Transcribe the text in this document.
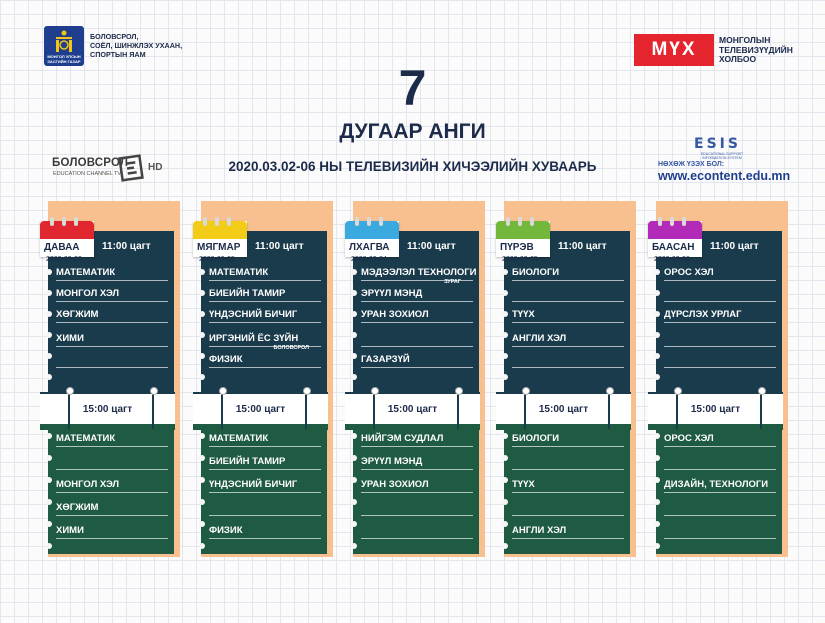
МОНГОЛ УЛСЫН ЗАСГИЙН ГАЗАР
БОЛОВСРОЛ,
СОЁЛ, ШИНЖЛЭХ УХААН,
СПОРТЫН ЯАМ	МҮХ	МОНГОЛЫН
ТЕЛЕВИЗҮҮДИЙН
ХОЛБОО
7
ДУГААР АНГИ
2020.03.02-06 НЫ ТЕЛЕВИЗИЙН ХИЧЭЭЛИЙН ХУВААРЬ
БОЛОВСРОЛ
EDUCATION CHANNEL TV
HD
ESIS
EDUCATIONAL SUPPORT INFORMATION SYSTEM
НӨХӨЖ ҮЗЭХ БОЛ:
www.econtent.edu.mn
ДАВАА
2020-03-02
11:00 цагт
15:00 цагт
МАТЕМАТИК
МОНГОЛ ХЭЛ
ХӨГЖИМ
ХИМИ
МАТЕМАТИК
МОНГОЛ ХЭЛ
ХӨГЖИМ
ХИМИ
МЯГМАР
2020-03-03
11:00 цагт
15:00 цагт
МАТЕМАТИК
БИЕИЙН ТАМИР
ҮНДЭСНИЙ БИЧИГ
ИРГЭНИЙ ЁС ЗҮЙН
БОЛОВСРОЛ
ФИЗИК
МАТЕМАТИК
БИЕИЙН ТАМИР
ҮНДЭСНИЙ БИЧИГ
ФИЗИК
ЛХАГВА
2020-03-04
11:00 цагт
15:00 цагт
МЭДЭЭЛЭЛ ТЕХНОЛОГИ
ЗУРАГ
ЭРҮҮЛ МЭНД
УРАН ЗОХИОЛ
ГАЗАРЗҮЙ
НИЙГЭМ СУДЛАЛ
ЭРҮҮЛ МЭНД
УРАН ЗОХИОЛ
ПҮРЭВ
2020-03-05
11:00 цагт
15:00 цагт
БИОЛОГИ
ТҮҮХ
АНГЛИ ХЭЛ
БИОЛОГИ
ТҮҮХ
АНГЛИ ХЭЛ
БААСАН
2020-03-06
11:00 цагт
15:00 цагт
ОРОС ХЭЛ
ДҮРСЛЭХ УРЛАГ
ОРОС ХЭЛ
ДИЗАЙН, ТЕХНОЛОГИ
